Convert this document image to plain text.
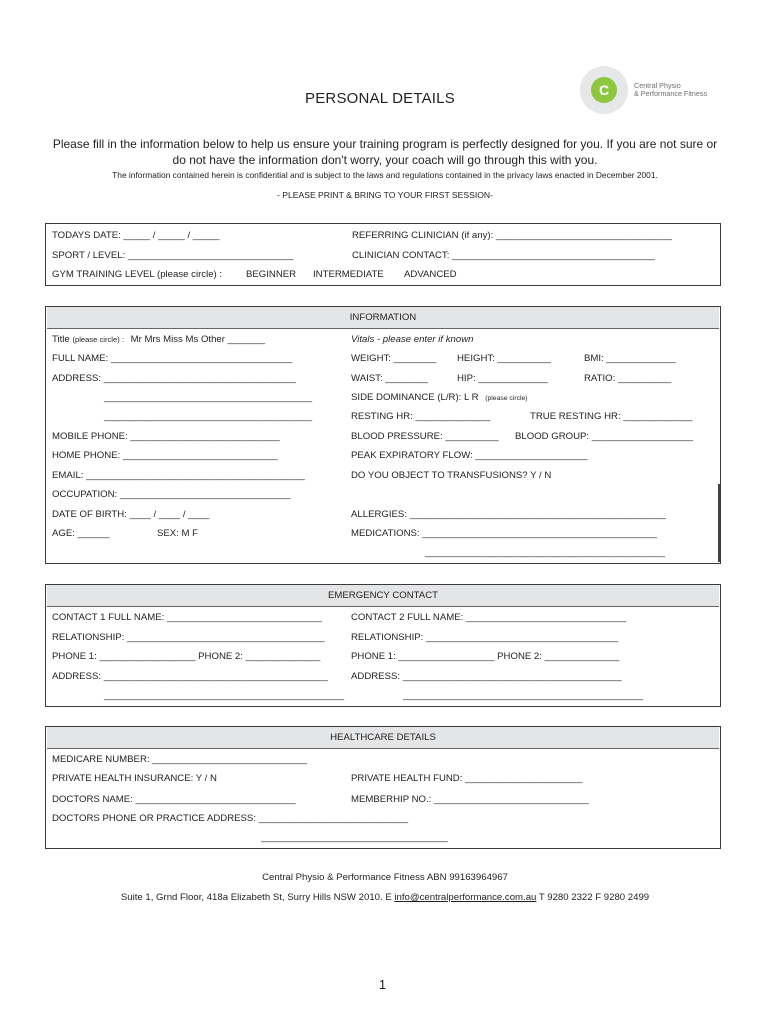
C	Central Physio
& Performance Fitness
PERSONAL DETAILS
Please fill in the information below to help us ensure your training program is perfectly designed for you. If you are not sure or do not have the information don't worry, your coach will go through this with you.
The information contained herein is confidential and is subject to the laws and regulations contained in the privacy laws enacted in December 2001.
- PLEASE PRINT & BRING TO YOUR FIRST SESSION-
TODAYS DATE: _____ / _____ / _____	REFERRING CLINICIAN (if any): _________________________________
SPORT / LEVEL: _______________________________	CLINICIAN CONTACT: ______________________________________
GYM TRAINING LEVEL (please circle) : BEGINNER INTERMEDIATE ADVANCED
INFORMATION
Title (please circle) : Mr Mrs Miss Ms Other _______	Vitals - please enter if known
FULL NAME: __________________________________	WEIGHT: ________ HEIGHT: __________	BMI: _____________
ADDRESS: ____________________________________	WAIST: ________	HIP: _____________	RATIO: __________
_______________________________________	SIDE DOMINANCE (L/R): L R (please circle)
_______________________________________	RESTING HR: ______________	TRUE RESTING HR: _____________
MOBILE PHONE: ____________________________	BLOOD PRESSURE: __________ BLOOD GROUP: ___________________
HOME PHONE: _____________________________	PEAK EXPIRATORY FLOW: _____________________
EMAIL: _________________________________________	DO YOU OBJECT TO TRANSFUSIONS? Y / N
OCCUPATION: ________________________________
DATE OF BIRTH: ____ / ____ / ____	ALLERGIES: ________________________________________________
AGE: ______	SEX: M F	MEDICATIONS: ____________________________________________
_____________________________________________
EMERGENCY CONTACT
CONTACT 1 FULL NAME: _____________________________	CONTACT 2 FULL NAME: ______________________________
RELATIONSHIP: _____________________________________	RELATIONSHIP: ____________________________________
PHONE 1: __________________ PHONE 2: ______________	PHONE 1: __________________ PHONE 2: ______________
ADDRESS: __________________________________________ ADDRESS: _________________________________________
_____________________________________________	_____________________________________________
HEALTHCARE DETAILS
MEDICARE NUMBER: _____________________________
PRIVATE HEALTH INSURANCE: Y / N	PRIVATE HEALTH FUND: ______________________
DOCTORS NAME: ______________________________	MEMBERHIP NO.: _____________________________
DOCTORS PHONE OR PRACTICE ADDRESS: ____________________________
___________________________________
Central Physio & Performance Fitness ABN 99163964967
Suite 1, Grnd Floor, 418a Elizabeth St, Surry Hills NSW 2010. E info@centralperformance.com.au T 9280 2322 F 9280 2499
1
